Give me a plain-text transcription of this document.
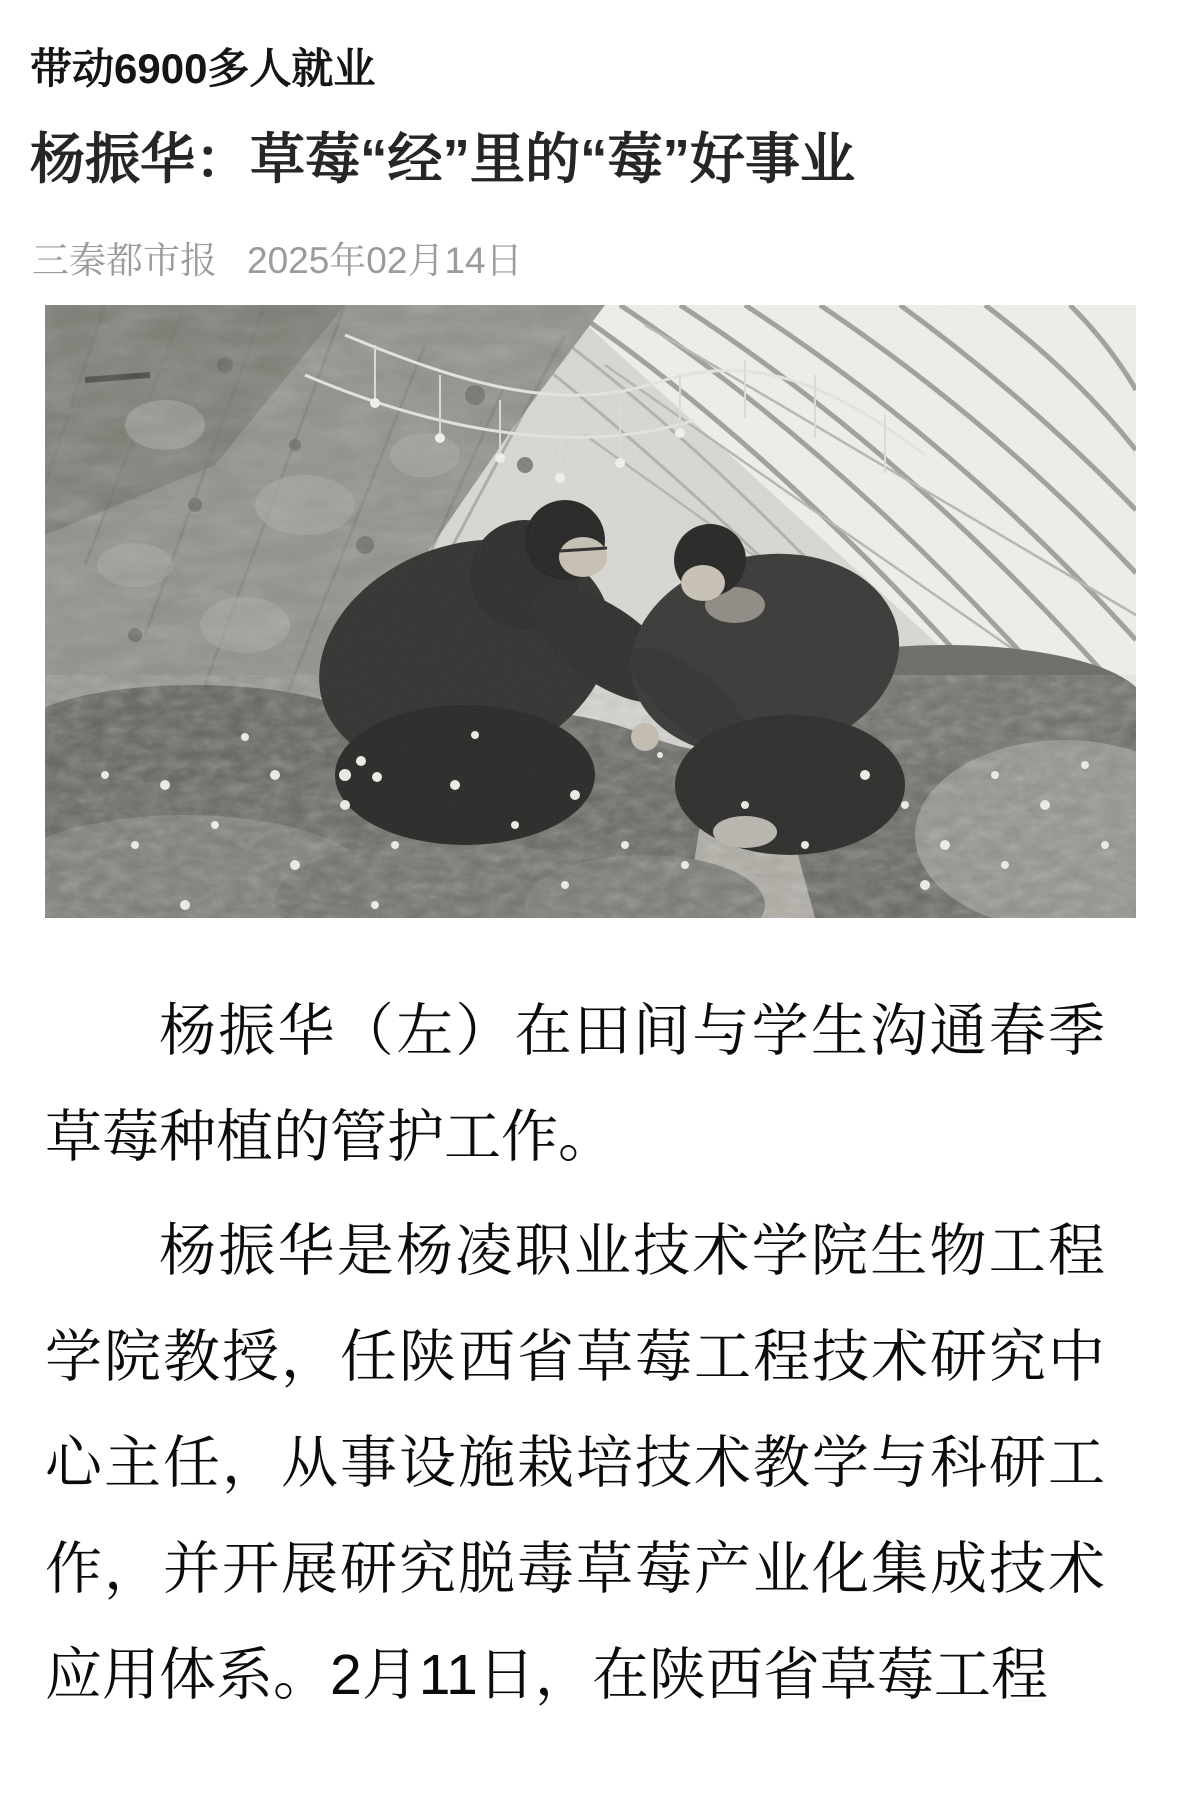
带动6900多人就业
杨振华：草莓“经”里的“莓”好事业
三秦都市报 2025年02月14日

杨振华（左）在田间与学生沟通春季草莓种植的管护工作。

杨振华是杨凌职业技术学院生物工程学院教授，任陕西省草莓工程技术研究中心主任，从事设施栽培技术教学与科研工作，并开展研究脱毒草莓产业化集成技术应用体系。2月11日，在陕西省草莓工程
